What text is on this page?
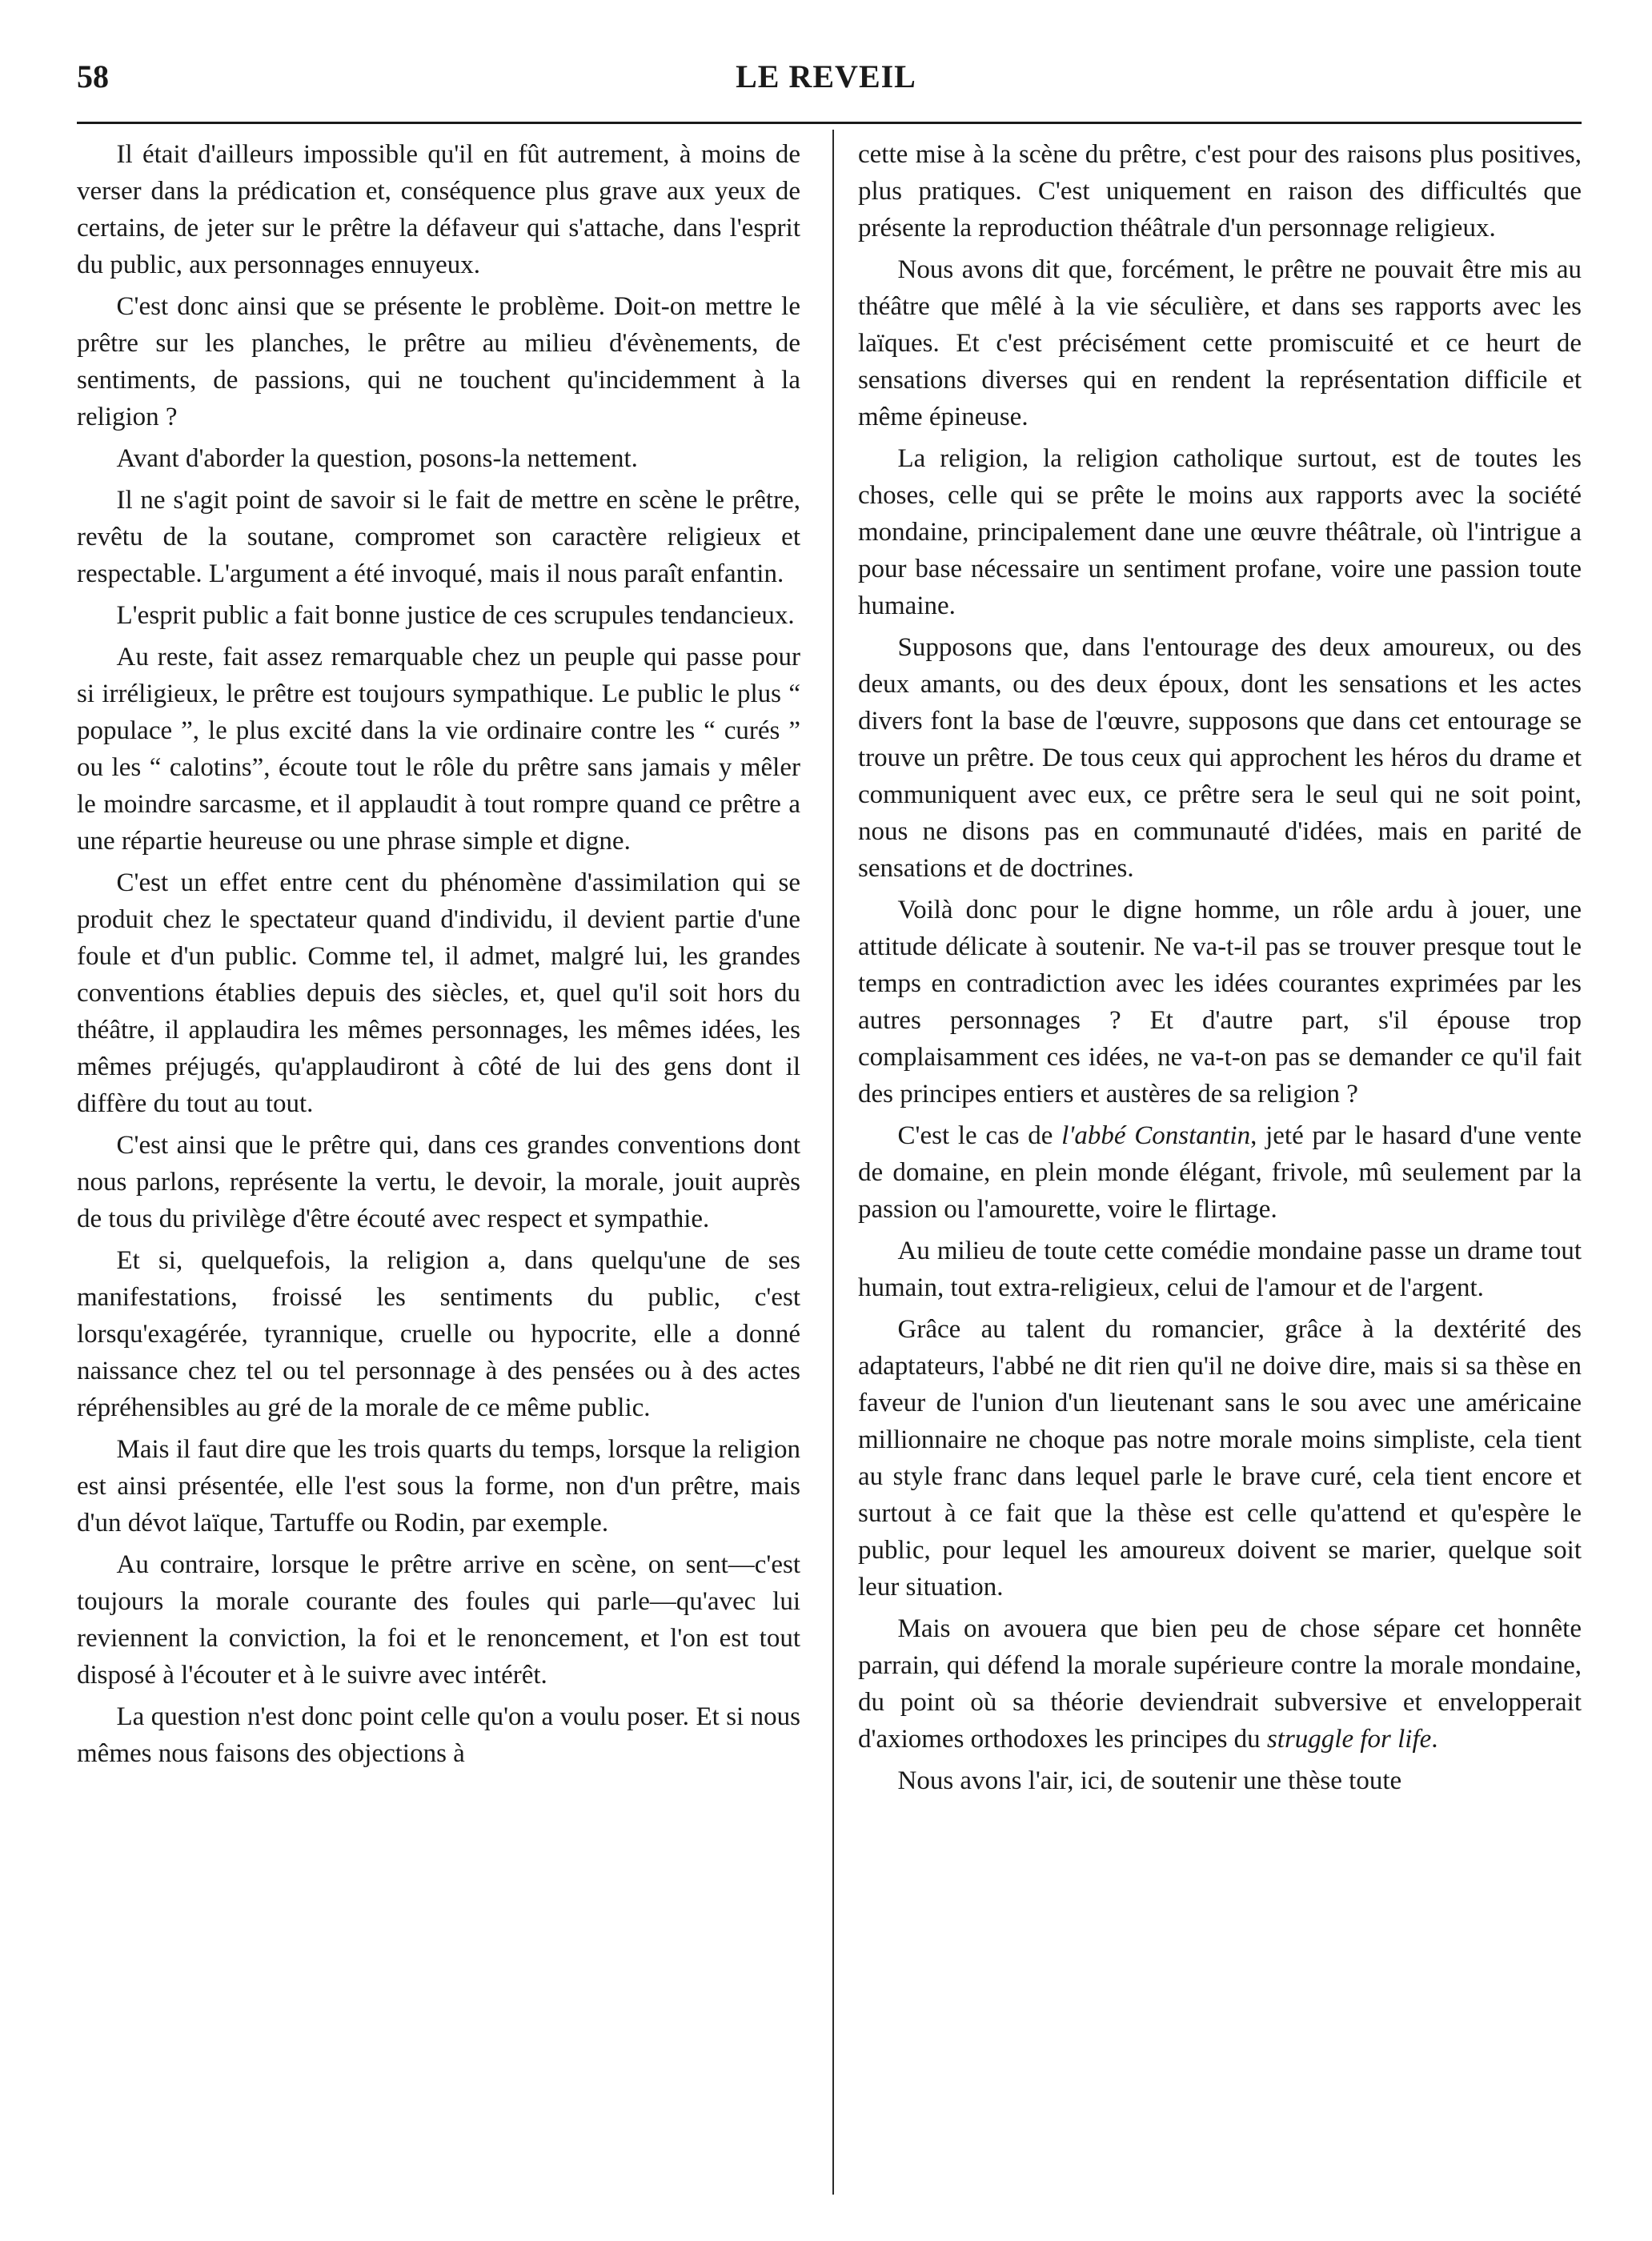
58	LE REVEIL

Il était d'ailleurs impossible qu'il en fût autrement, à moins de verser dans la prédication et, conséquence plus grave aux yeux de certains, de jeter sur le prêtre la défaveur qui s'attache, dans l'esprit du public, aux personnages ennuyeux.

C'est donc ainsi que se présente le problème. Doit-on mettre le prêtre sur les planches, le prêtre au milieu d'évènements, de sentiments, de passions, qui ne touchent qu'incidemment à la religion ?

Avant d'aborder la question, posons-la nettement.

Il ne s'agit point de savoir si le fait de mettre en scène le prêtre, revêtu de la soutane, compromet son caractère religieux et respectable. L'argument a été invoqué, mais il nous paraît enfantin.

L'esprit public a fait bonne justice de ces scrupules tendancieux.

Au reste, fait assez remarquable chez un peuple qui passe pour si irréligieux, le prêtre est toujours sympathique. Le public le plus “ populace ”, le plus excité dans la vie ordinaire contre les “ curés ” ou les “ calotins”, écoute tout le rôle du prêtre sans jamais y mêler le moindre sarcasme, et il applaudit à tout rompre quand ce prêtre a une répartie heureuse ou une phrase simple et digne.

C'est un effet entre cent du phénomène d'assimilation qui se produit chez le spectateur quand d'individu, il devient partie d'une foule et d'un public. Comme tel, il admet, malgré lui, les grandes conventions établies depuis des siècles, et, quel qu'il soit hors du théâtre, il applaudira les mêmes personnages, les mêmes idées, les mêmes préjugés, qu'applaudiront à côté de lui des gens dont il diffère du tout au tout.

C'est ainsi que le prêtre qui, dans ces grandes conventions dont nous parlons, représente la vertu, le devoir, la morale, jouit auprès de tous du privilège d'être écouté avec respect et sympathie.

Et si, quelquefois, la religion a, dans quelqu'une de ses manifestations, froissé les sentiments du public, c'est lorsqu'exagérée, tyrannique, cruelle ou hypocrite, elle a donné naissance chez tel ou tel personnage à des pensées ou à des actes répréhensibles au gré de la morale de ce même public.

Mais il faut dire que les trois quarts du temps, lorsque la religion est ainsi présentée, elle l'est sous la forme, non d'un prêtre, mais d'un dévot laïque, Tartuffe ou Rodin, par exemple.

Au contraire, lorsque le prêtre arrive en scène, on sent—c'est toujours la morale courante des foules qui parle—qu'avec lui reviennent la conviction, la foi et le renoncement, et l'on est tout disposé à l'écouter et à le suivre avec intérêt.

La question n'est donc point celle qu'on a voulu poser. Et si nous mêmes nous faisons des objections à

cette mise à la scène du prêtre, c'est pour des raisons plus positives, plus pratiques. C'est uniquement en raison des difficultés que présente la reproduction théâtrale d'un personnage religieux.

Nous avons dit que, forcément, le prêtre ne pouvait être mis au théâtre que mêlé à la vie séculière, et dans ses rapports avec les laïques. Et c'est précisément cette promiscuité et ce heurt de sensations diverses qui en rendent la représentation difficile et même épineuse.

La religion, la religion catholique surtout, est de toutes les choses, celle qui se prête le moins aux rapports avec la société mondaine, principalement dane une œuvre théâtrale, où l'intrigue a pour base nécessaire un sentiment profane, voire une passion toute humaine.

Supposons que, dans l'entourage des deux amoureux, ou des deux amants, ou des deux époux, dont les sensations et les actes divers font la base de l'œuvre, supposons que dans cet entourage se trouve un prêtre. De tous ceux qui approchent les héros du drame et communiquent avec eux, ce prêtre sera le seul qui ne soit point, nous ne disons pas en communauté d'idées, mais en parité de sensations et de doctrines.

Voilà donc pour le digne homme, un rôle ardu à jouer, une attitude délicate à soutenir. Ne va-t-il pas se trouver presque tout le temps en contradiction avec les idées courantes exprimées par les autres personnages ? Et d'autre part, s'il épouse trop complaisamment ces idées, ne va-t-on pas se demander ce qu'il fait des principes entiers et austères de sa religion ?

C'est le cas de l'abbé Constantin, jeté par le hasard d'une vente de domaine, en plein monde élégant, frivole, mû seulement par la passion ou l'amourette, voire le flirtage.

Au milieu de toute cette comédie mondaine passe un drame tout humain, tout extra-religieux, celui de l'amour et de l'argent.

Grâce au talent du romancier, grâce à la dextérité des adaptateurs, l'abbé ne dit rien qu'il ne doive dire, mais si sa thèse en faveur de l'union d'un lieutenant sans le sou avec une américaine millionnaire ne choque pas notre morale moins simpliste, cela tient au style franc dans lequel parle le brave curé, cela tient encore et surtout à ce fait que la thèse est celle qu'attend et qu'espère le public, pour lequel les amoureux doivent se marier, quelque soit leur situation.

Mais on avouera que bien peu de chose sépare cet honnête parrain, qui défend la morale supérieure contre la morale mondaine, du point où sa théorie deviendrait subversive et envelopperait d'axiomes orthodoxes les principes du struggle for life.

Nous avons l'air, ici, de soutenir une thèse toute
